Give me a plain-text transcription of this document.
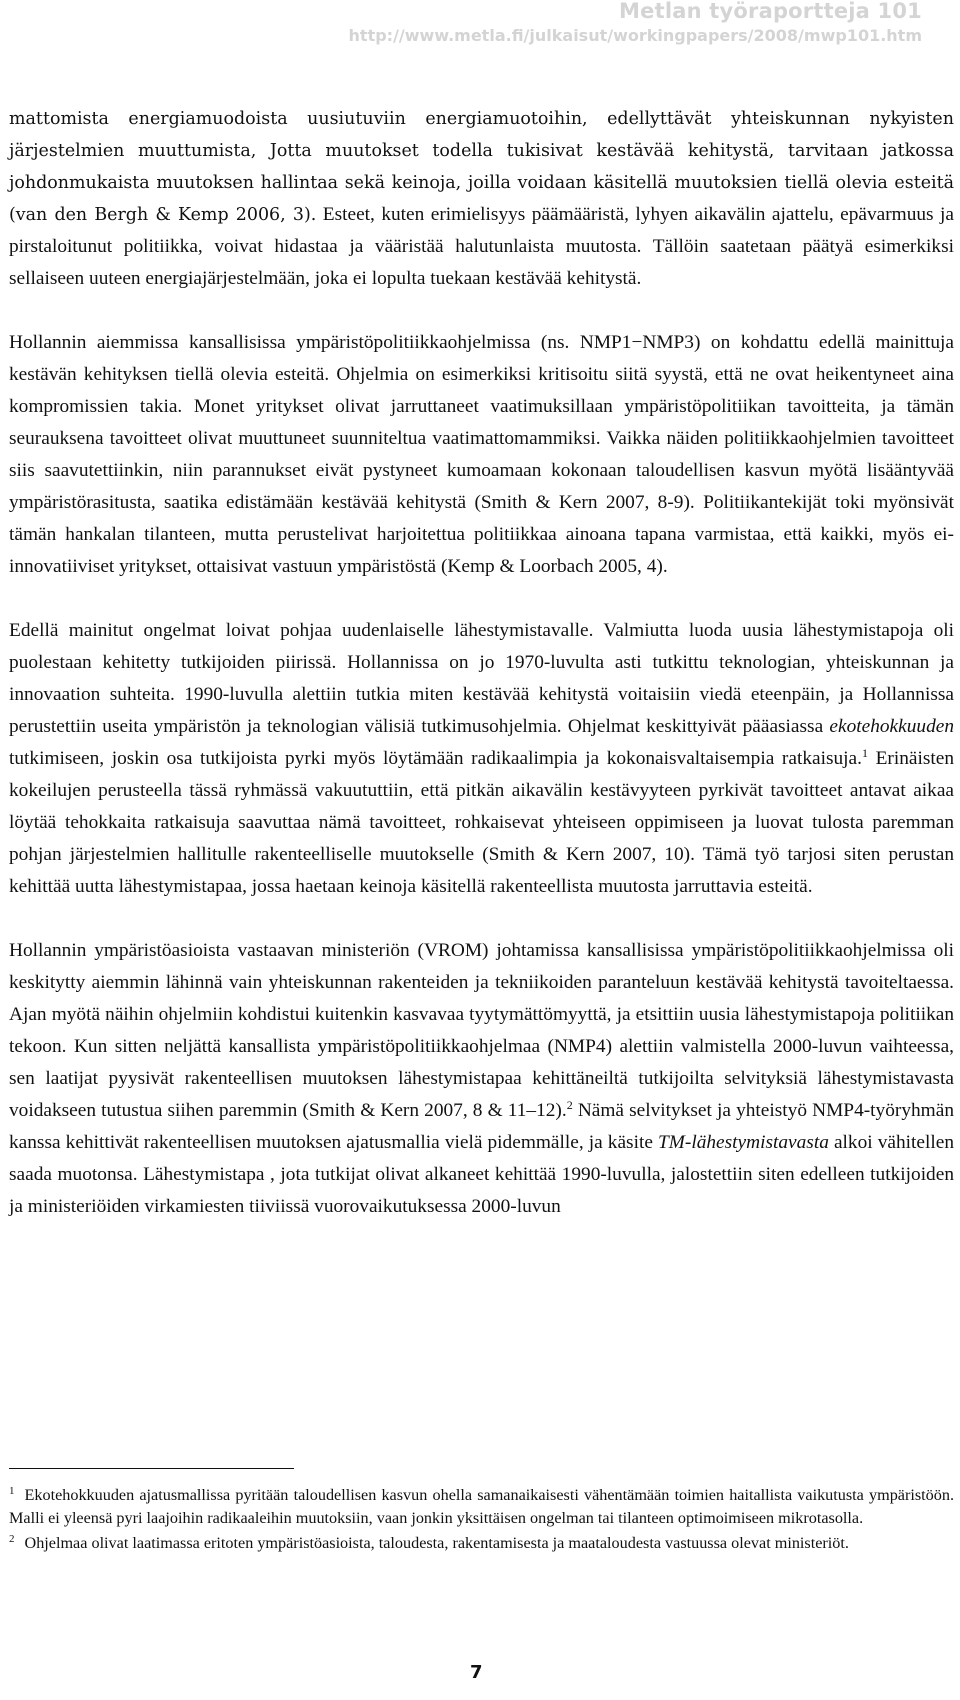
Metlan työraportteja 101
http://www.metla.fi/julkaisut/workingpapers/2008/mwp101.htm

mattomista energiamuodoista uusiutuviin energiamuotoihin, edellyttävät yhteiskunnan nykyisten järjestelmien muuttumista, Jotta muutokset todella tukisivat kestävää kehitystä, tarvitaan jatkossa johdonmukaista muutoksen hallintaa sekä keinoja, joilla voidaan käsitellä muutoksien tiellä olevia esteitä (van den Bergh & Kemp 2006, 3). Esteet, kuten erimielisyys päämääristä, lyhyen aikavälin ajattelu, epävarmuus ja pirstaloitunut politiikka, voivat hidastaa ja vääristää halutunlaista muutosta. Tällöin saatetaan päätyä esimerkiksi sellaiseen uuteen energiajärjestelmään, joka ei lopulta tuekaan kestävää kehitystä.

Hollannin aiemmissa kansallisissa ympäristöpolitiikkaohjelmissa (ns. NMP1−NMP3) on kohdattu edellä mainittuja kestävän kehityksen tiellä olevia esteitä. Ohjelmia on esimerkiksi kritisoitu siitä syystä, että ne ovat heikentyneet aina kompromissien takia. Monet yritykset olivat jarruttaneet vaatimuksillaan ympäristöpolitiikan tavoitteita, ja tämän seurauksena tavoitteet olivat muuttuneet suunniteltua vaatimattomammiksi. Vaikka näiden politiikkaohjelmien tavoitteet siis saavutettiinkin, niin parannukset eivät pystyneet kumoamaan kokonaan taloudellisen kasvun myötä lisääntyvää ympäristörasitusta, saatika edistämään kestävää kehitystä (Smith & Kern 2007, 8-9). Politiikantekijät toki myönsivät tämän hankalan tilanteen, mutta perustelivat harjoitettua politiikkaa ainoana tapana varmistaa, että kaikki, myös ei-innovatiiviset yritykset, ottaisivat vastuun ympäristöstä (Kemp & Loorbach 2005, 4).

Edellä mainitut ongelmat loivat pohjaa uudenlaiselle lähestymistavalle. Valmiutta luoda uusia lähestymistapoja oli puolestaan kehitetty tutkijoiden piirissä. Hollannissa on jo 1970-luvulta asti tutkittu teknologian, yhteiskunnan ja innovaation suhteita. 1990-luvulla alettiin tutkia miten kestävää kehitystä voitaisiin viedä eteenpäin, ja Hollannissa perustettiin useita ympäristön ja teknologian välisiä tutkimusohjelmia. Ohjelmat keskittyivät pääasiassa ekotehokkuuden tutkimiseen, joskin osa tutkijoista pyrki myös löytämään radikaalimpia ja kokonaisvaltaisempia ratkaisuja.$^1$ Erinäisten kokeilujen perusteella tässä ryhmässä vakuututtiin, että pitkän aikavälin kestävyyteen pyrkivät tavoitteet antavat aikaa löytää tehokkaita ratkaisuja saavuttaa nämä tavoitteet, rohkaisevat yhteiseen oppimiseen ja luovat tulosta paremman pohjan järjestelmien hallitulle rakenteelliselle muutokselle (Smith & Kern 2007, 10). Tämä työ tarjosi siten perustan kehittää uutta lähestymistapaa, jossa haetaan keinoja käsitellä rakenteellista muutosta jarruttavia esteitä.

Hollannin ympäristöasioista vastaavan ministeriön (VROM) johtamissa kansallisissa ympäristöpolitiikkaohjelmissa oli keskitytty aiemmin lähinnä vain yhteiskunnan rakenteiden ja tekniikoiden paranteluun kestävää kehitystä tavoiteltaessa. Ajan myötä näihin ohjelmiin kohdistui kuitenkin kasvavaa tyytymättömyyttä, ja etsittiin uusia lähestymistapoja politiikan tekoon. Kun sitten neljättä kansallista ympäristöpolitiikkaohjelmaa (NMP4) alettiin valmistella 2000-luvun vaihteessa, sen laatijat pyysivät rakenteellisen muutoksen lähestymistapaa kehittäneiltä tutkijoilta selvityksiä lähestymistavasta voidakseen tutustua siihen paremmin (Smith & Kern 2007, 8 & 11–12).$^2$ Nämä selvitykset ja yhteistyö NMP4-työryhmän kanssa kehittivät rakenteellisen muutoksen ajatusmallia vielä pidemmälle, ja käsite TM-lähestymistavasta alkoi vähitellen saada muotonsa. Lähestymistapa , jota tutkijat olivat alkaneet kehittää 1990-luvulla, jalostettiin siten edelleen tutkijoiden ja ministeriöiden virkamiesten tiiviissä vuorovaikutuksessa 2000-luvun

$^1$ Ekotehokkuuden ajatusmallissa pyritään taloudellisen kasvun ohella samanaikaisesti vähentämään toimien haitallista vaikutusta ympäristöön. Malli ei yleensä pyri laajoihin radikaaleihin muutoksiin, vaan jonkin yksittäisen ongelman tai tilanteen optimoimiseen mikrotasolla.

$^2$ Ohjelmaa olivat laatimassa eritoten ympäristöasioista, taloudesta, rakentamisesta ja maataloudesta vastuussa olevat ministeriöt.

7
